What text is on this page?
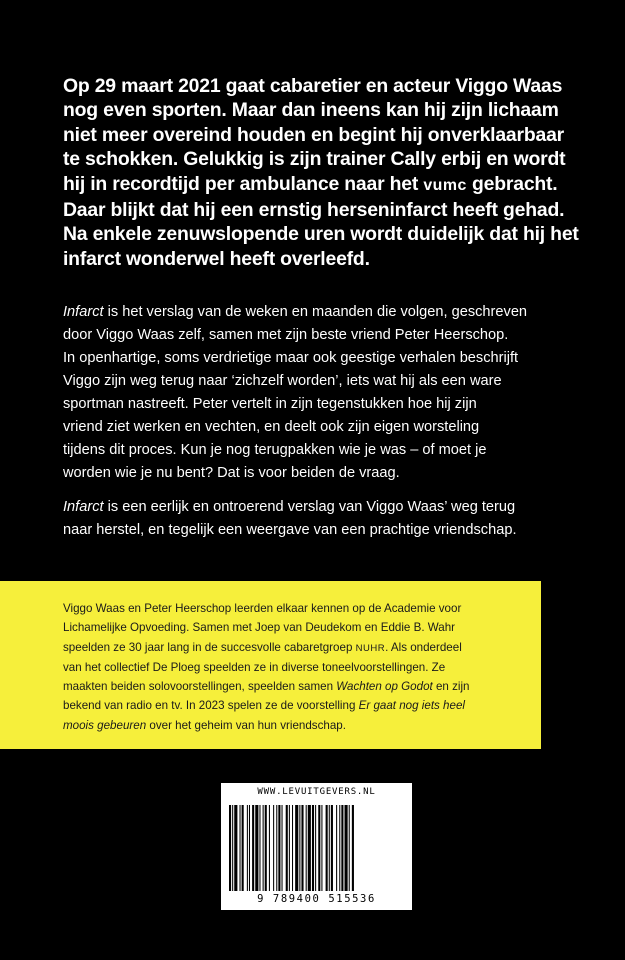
Op 29 maart 2021 gaat cabaretier en acteur Viggo Waas
nog even sporten. Maar dan ineens kan hij zijn lichaam
niet meer overeind houden en begint hij onverklaarbaar
te schokken. Gelukkig is zijn trainer Cally erbij en wordt
hij in recordtijd per ambulance naar het vumc gebracht.
Daar blijkt dat hij een ernstig herseninfarct heeft gehad.
Na enkele zenuwslopende uren wordt duidelijk dat hij het
infarct wonderwel heeft overleefd.
Infarct is het verslag van de weken en maanden die volgen, geschreven
door Viggo Waas zelf, samen met zijn beste vriend Peter Heerschop.
In openhartige, soms verdrietige maar ook geestige verhalen beschrijft
Viggo zijn weg terug naar ‘zichzelf worden’, iets wat hij als een ware
sportman nastreeft. Peter vertelt in zijn tegenstukken hoe hij zijn
vriend ziet werken en vechten, en deelt ook zijn eigen worsteling
tijdens dit proces. Kun je nog terugpakken wie je was – of moet je
worden wie je nu bent? Dat is voor beiden de vraag.
Infarct is een eerlijk en ontroerend verslag van Viggo Waas’ weg terug
naar herstel, en tegelijk een weergave van een prachtige vriendschap.
Viggo Waas en Peter Heerschop leerden elkaar kennen op de Academie voor
Lichamelijke Opvoeding. Samen met Joep van Deudekom en Eddie B. Wahr
speelden ze 30 jaar lang in de succesvolle cabaretgroep NUHR. Als onderdeel
van het collectief De Ploeg speelden ze in diverse toneelvoorstellingen. Ze
maakten beiden solovoorstellingen, speelden samen Wachten op Godot en zijn
bekend van radio en tv. In 2023 spelen ze de voorstelling Er gaat nog iets heel
moois gebeuren over het geheim van hun vriendschap.
WWW.LEVUITGEVERS.NL
9 789400 515536
